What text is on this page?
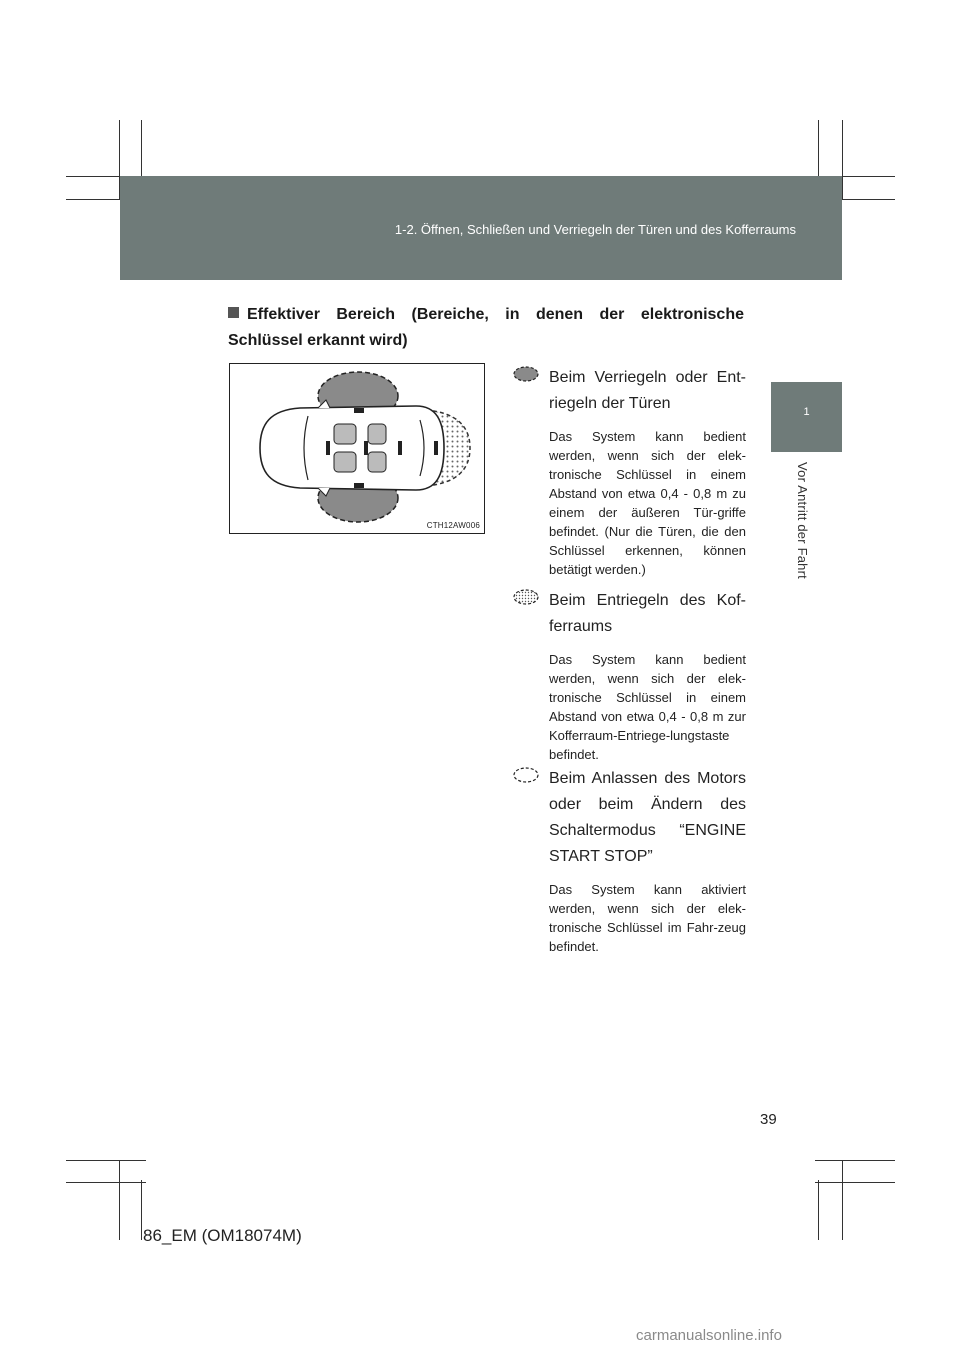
1-2. Öffnen, Schließen und Verriegeln der Türen und des Kofferraums
1
Vor Antritt der Fahrt
Effektiver Bereich (Bereiche, in denen der elektronische Schlüssel erkannt wird)
CTH12AW006
Beim Verriegeln oder Ent-riegeln der Türen
Das System kann bedient werden, wenn sich der elek-tronische Schlüssel in einem Abstand von etwa 0,4 - 0,8 m zu einem der äußeren Tür-griffe befindet. (Nur die Türen, die den Schlüssel erkennen, können betätigt werden.)
Beim Entriegeln des Kof-ferraums
Das System kann bedient werden, wenn sich der elek-tronische Schlüssel in einem Abstand von etwa 0,4 - 0,8 m zur Kofferraum-Entriege-lungstaste befindet.
Beim Anlassen des Motors oder beim Ändern des Schaltermodus “ENGINE START STOP”
Das System kann aktiviert werden, wenn sich der elek-tronische Schlüssel im Fahr-zeug befindet.
39
86_EM (OM18074M)
carmanualsonline.info
